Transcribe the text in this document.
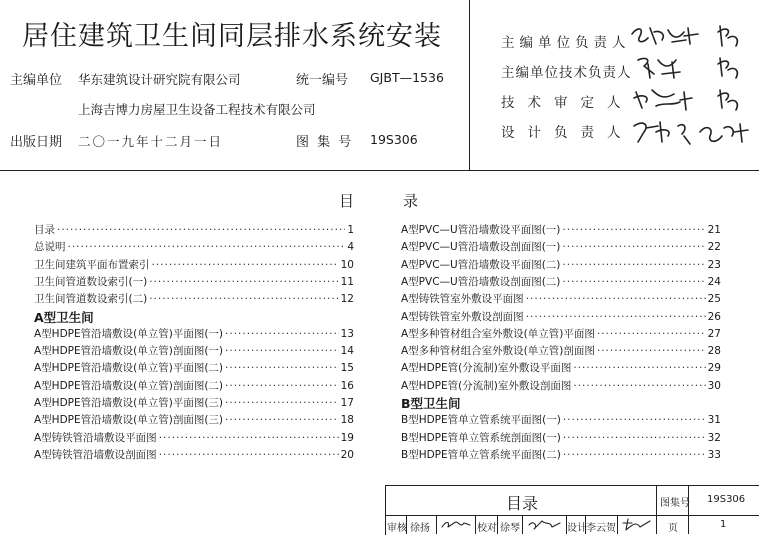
居住建筑卫生间同层排水系统安装
主编单位 华东建筑设计研究院有限公司
上海吉博力房屋卫生设备工程技术有限公司
统一编号 GJBT—1536
出版日期 二〇一九年十二月一日	图 集 号 19S306
主编单位负责人
主编单位技术负责人
技术审定人
设计负责人
目	录
目录 ·····	1
总说明 ·····	4
卫生间建筑平面布置索引 ·····	10
卫生间管道数设索引(一) ·····	11
卫生间管道数设索引(二) ·····	12
A型卫生间
A型HDPE管沿墙敷设(单立管)平面图(一) ·····	13
A型HDPE管沿墙敷设(单立管)剖面图(一) ·····	14
A型HDPE管沿墙敷设(单立管)平面图(二) ·····	15
A型HDPE管沿墙敷设(单立管)剖面图(二) ·····	16
A型HDPE管沿墙敷设(单立管)平面图(三) ·····	17
A型HDPE管沿墙敷设(单立管)剖面图(三) ·····	18
A型铸铁管沿墙敷设平面图 ·····	19
A型铸铁管沿墙敷设剖面图 ·····	20
A型PVC—U管沿墙敷设平面图(一) ·····	21
A型PVC—U管沿墙敷设剖面图(一) ·····	22
A型PVC—U管沿墙敷设平面图(二) ·····	23
A型PVC—U管沿墙敷设剖面图(二) ·····	24
A型铸铁管室外敷设平面图 ·····	25
A型铸铁管室外敷设剖面图 ·····	26
A型多种管材组合室外敷设(单立管)平面图 ·····	27
A型多种管材组合室外敷设(单立管)剖面图 ·····	28
A型HDPE管(分流制)室外敷设平面图 ·····	29
A型HDPE管(分流制)室外敷设剖面图 ·····	30
B型卫生间
B型HDPE管单立管系统平面图(一) ·····	31
B型HDPE管单立管系统剖面图(一) ·····	32
B型HDPE管单立管系统平面图(二) ·····	33
目录	图集号 19S306
审核 徐扬	校对 徐琴	设计 李云贺	页	1
